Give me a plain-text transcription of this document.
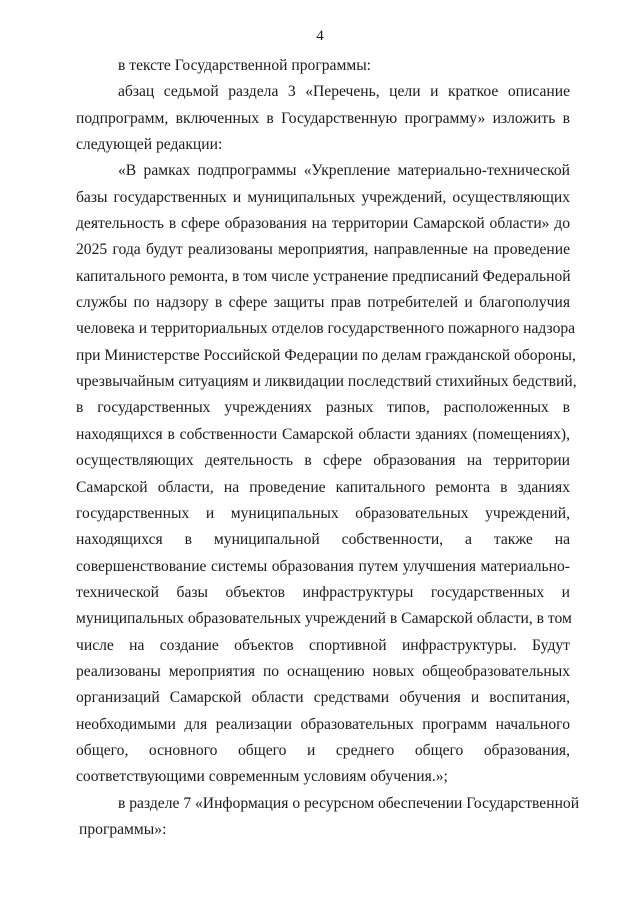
4
в тексте Государственной программы:
абзац седьмой раздела 3 «Перечень, цели и краткое описание
подпрограмм, включенных в Государственную программу» изложить в
следующей редакции:
«В рамках подпрограммы «Укрепление материально-технической
базы государственных и муниципальных учреждений, осуществляющих
деятельность в сфере образования на территории Самарской области» до
2025 года будут реализованы мероприятия, направленные на проведение
капитального ремонта, в том числе устранение предписаний Федеральной
службы по надзору в сфере защиты прав потребителей и благополучия
человека и территориальных отделов государственного пожарного надзора
при Министерстве Российской Федерации по делам гражданской обороны,
чрезвычайным ситуациям и ликвидации последствий стихийных бедствий,
в государственных учреждениях разных типов, расположенных в
находящихся в собственности Самарской области зданиях (помещениях),
осуществляющих деятельность в сфере образования на территории
Самарской области, на проведение капитального ремонта в зданиях
государственных и муниципальных образовательных учреждений,
находящихся в муниципальной собственности, а также на
совершенствование системы образования путем улучшения материально-
технической базы объектов инфраструктуры государственных и
муниципальных образовательных учреждений в Самарской области, в том
числе на создание объектов спортивной инфраструктуры. Будут
реализованы мероприятия по оснащению новых общеобразовательных
организаций Самарской области средствами обучения и воспитания,
необходимыми для реализации образовательных программ начального
общего, основного общего и среднего общего образования,
соответствующими современным условиям обучения.»;
в разделе 7 «Информация о ресурсном обеспечении Государственной
программы»:
